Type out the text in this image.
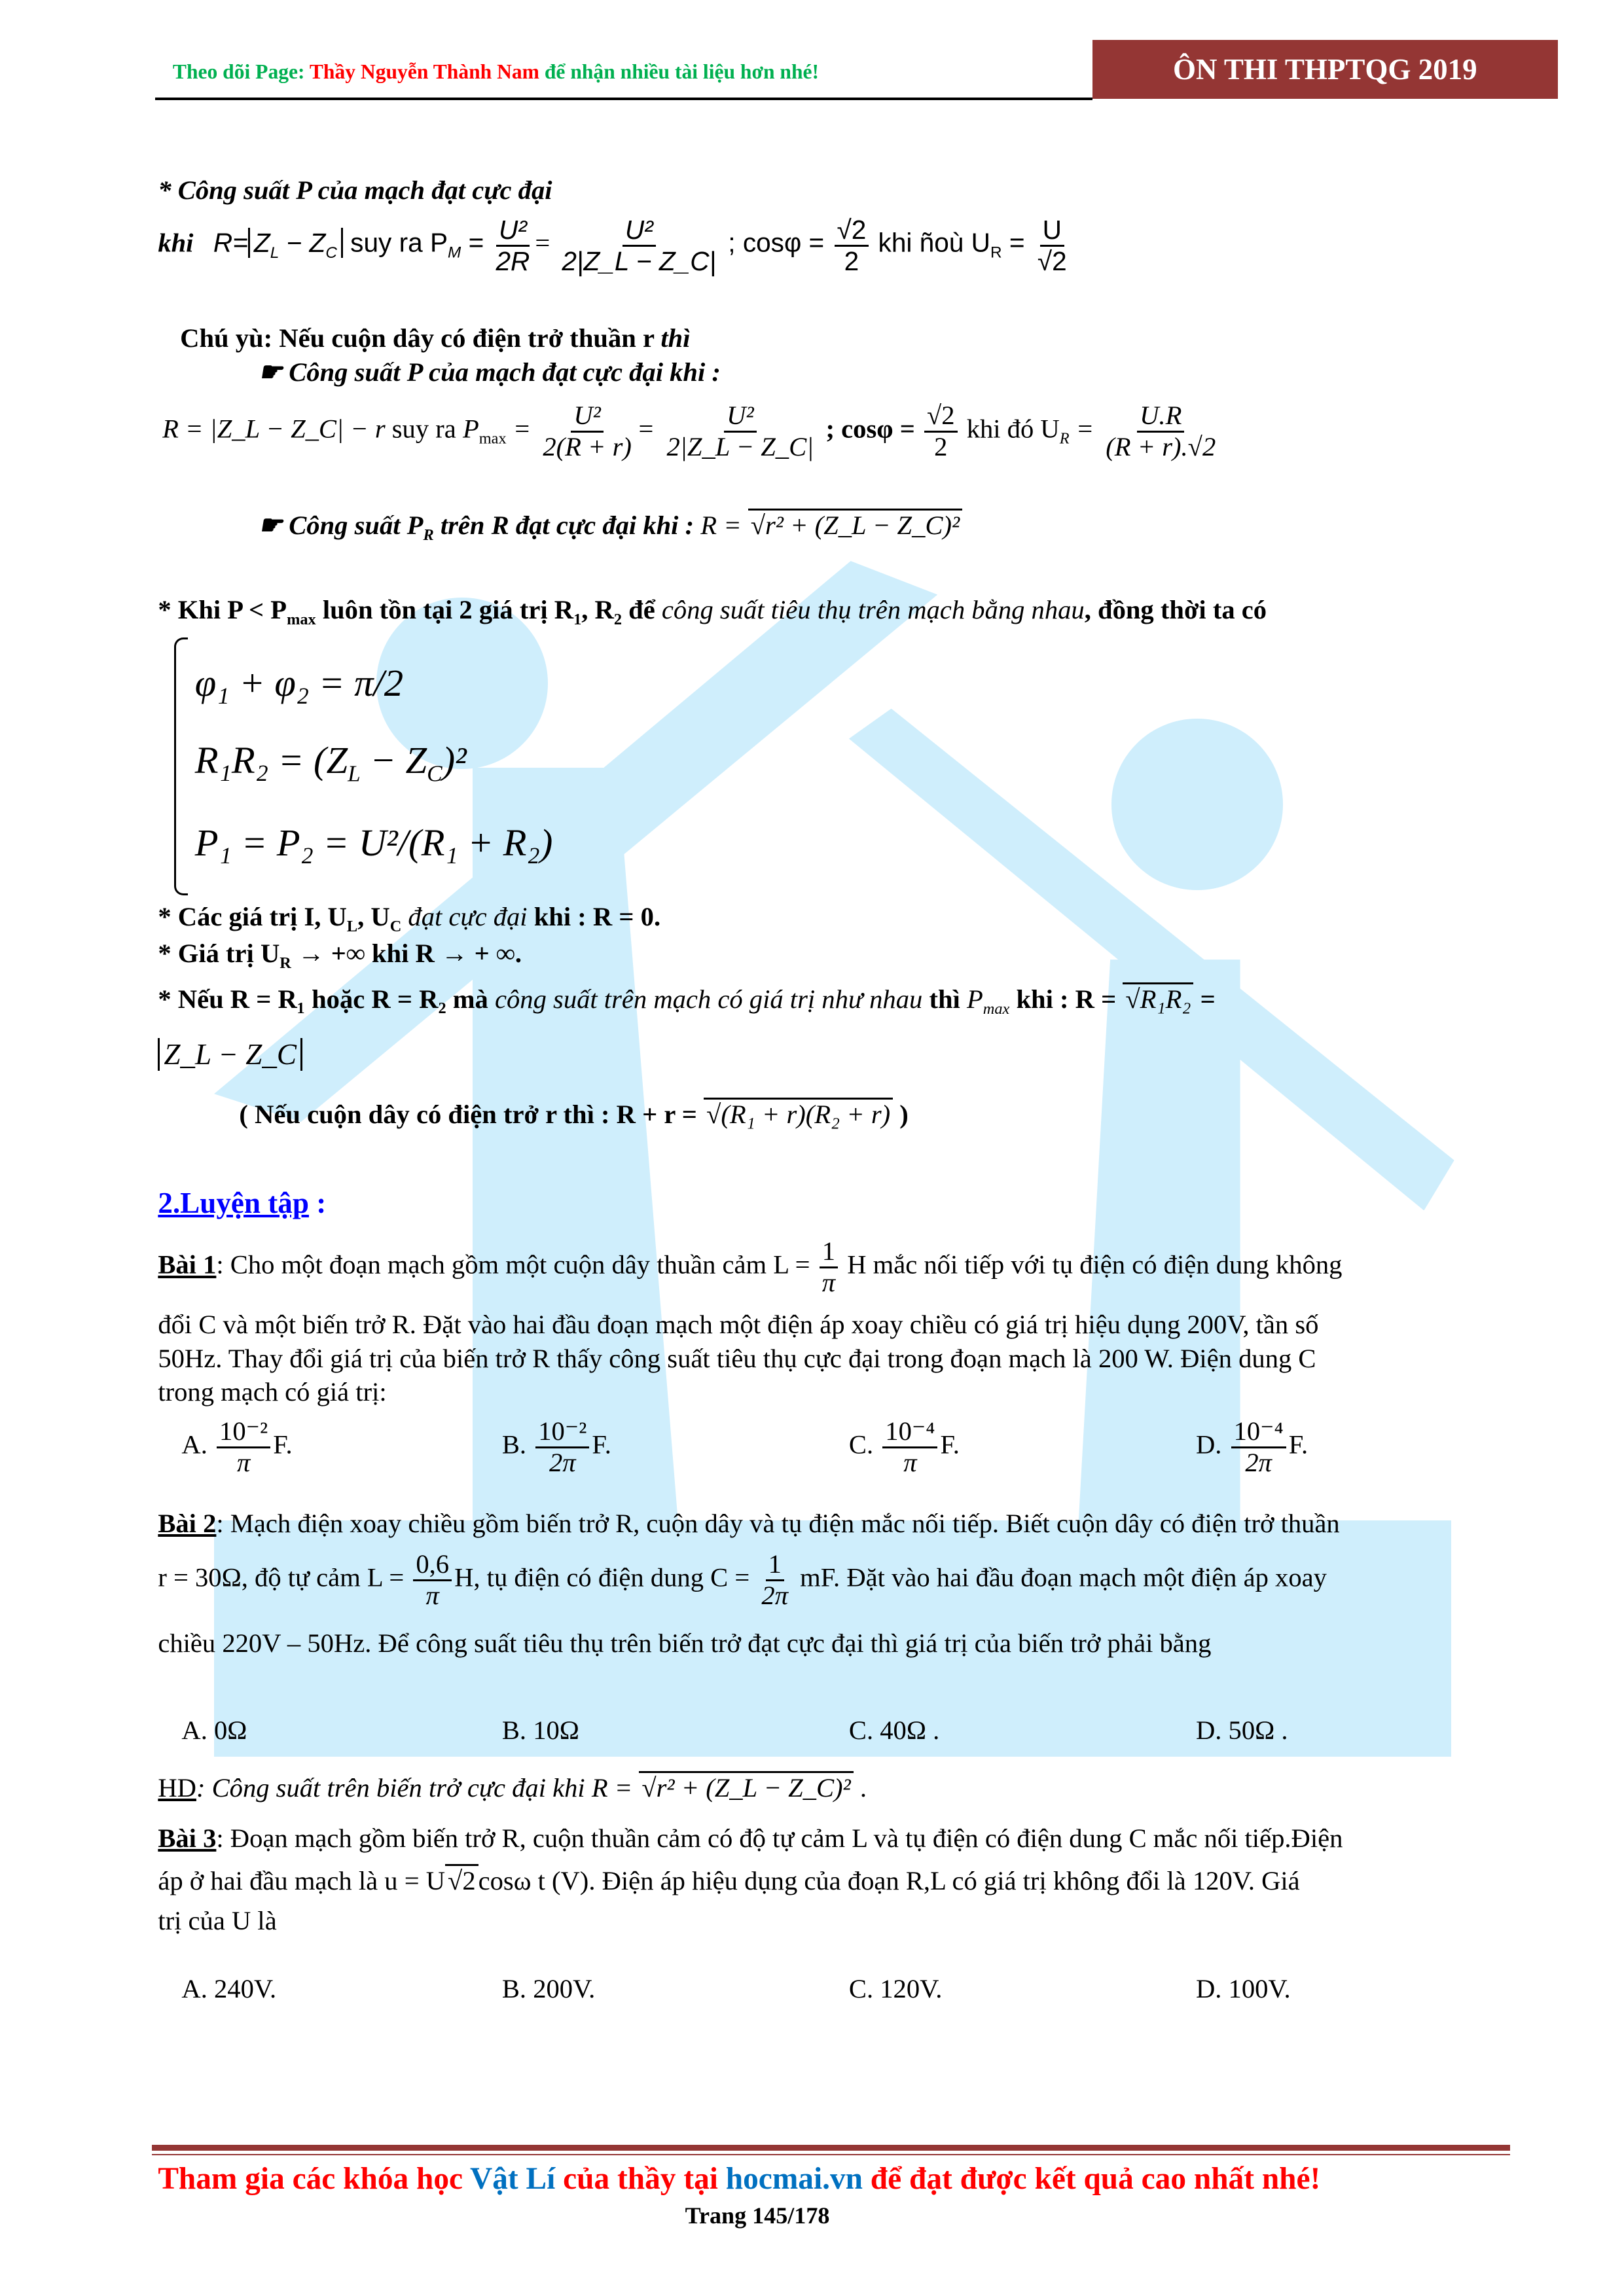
Theo dõi Page: Thầy Nguyễn Thành Nam để nhận nhiều tài liệu hơn nhé!	ÔN THI THPTQG 2019
* Công suất P của mạch đạt cực đại
khi $R= Z_L - Z_C$ suy ra $P_M = \frac{\text{U²}}{2R} = \frac{\text{U²}}{2|Z\_L - Z\_C|}$ ; $\cos\varphi = \frac{√2}{2}$ khi ñoù $U_R = \frac{U}{√2}$
Chú yù: Nếu cuộn dây có điện trở thuần r thì
☛ Công suất P của mạch đạt cực đại khi :
R = |Z_L − Z_C| − r suy ra $P_{max} = \frac{\text{U²}}{2(R + r)} = \frac{\text{U²}}{2|Z\_L - Z\_C|}$ ; $\cos\varphi = \frac{√2}{2}$ khi đó $U_R = \frac{U.R}{(R + r).√2}$
☛ Công suất $P_R$ trên R đạt cực đại khi : R = √ r² + (Z_L − Z_C)²
* Khi $P < P_{max}$ luôn tồn tại 2 giá trị $R_1$, $R_2$ để công suất tiêu thụ trên mạch bằng nhau, đồng thời ta có
φ₁ + φ₂ = π/2
$R_1R_2 = (Z_L - Z_C)^2$
P₁ = P₂ = U²/(R₁ + R₂)
* Các giá trị I, $U_L$, $U_C$ đạt cực đại khi : R = 0.
* Giá trị $U_R$ → +∞ khi R → + ∞.
* Nếu R = R₁ hoặc R = R₂ mà công suất trên mạch có giá trị như nhau thì $P_{max}$ khi : R = √ R₁R₂ =
Z_L − Z_C
( Nếu cuộn dây có điện trở r thì : R + r = √ (R₁ + r)(R₂ + r) )
2.Luyện tập :
Bài 1: Cho một đoạn mạch gồm một cuộn dây thuần cảm $L = \frac{1}{\pi}$ H mắc nối tiếp với tụ điện có điện dung không
đổi C và một biến trở R. Đặt vào hai đầu đoạn mạch một điện áp xoay chiều có giá trị hiệu dụng 200V, tần số
50Hz. Thay đổi giá trị của biến trở R thấy công suất tiêu thụ cực đại trong đoạn mạch là 200 W. Điện dung C
trong mạch có giá trị:
A. $\frac{\text{10⁻²}}{\pi} F$.	B. $\frac{\text{10⁻²}}{2\pi} F$.	C. $\frac{\text{10⁻⁴}}{\pi} F$.	D. $\frac{\text{10⁻⁴}}{2\pi} F$.
Bài 2: Mạch điện xoay chiều gồm biến trở R, cuộn dây và tụ điện mắc nối tiếp. Biết cuộn dây có điện trở thuần
r = 30Ω, độ tự cảm $L = \frac{0,6}{\pi} H$, tụ điện có điện dung $C = \frac{1}{2\pi}$ mF. Đặt vào hai đầu đoạn mạch một điện áp xoay
chiều 220V – 50Hz. Để công suất tiêu thụ trên biến trở đạt cực đại thì giá trị của biến trở phải bằng
A. 0Ω	B. 10Ω	C. 40Ω .	D. 50Ω .
HD: Công suất trên biến trở cực đại khi R = √ r² + (Z_L − Z_C)² .
Bài 3: Đoạn mạch gồm biến trở R, cuộn thuần cảm có độ tự cảm L và tụ điện có điện dung C mắc nối tiếp.Điện
áp ở hai đầu mạch là u = U √ 2cosω t (V). Điện áp hiệu dụng của đoạn R,L có giá trị không đổi là 120V. Giá
trị của U là
A. 240V.	B. 200V.	C. 120V.	D. 100V.
Tham gia các khóa học Vật Lí của thầy tại hocmai.vn để đạt được kết quả cao nhất nhé!
Trang 145/178
